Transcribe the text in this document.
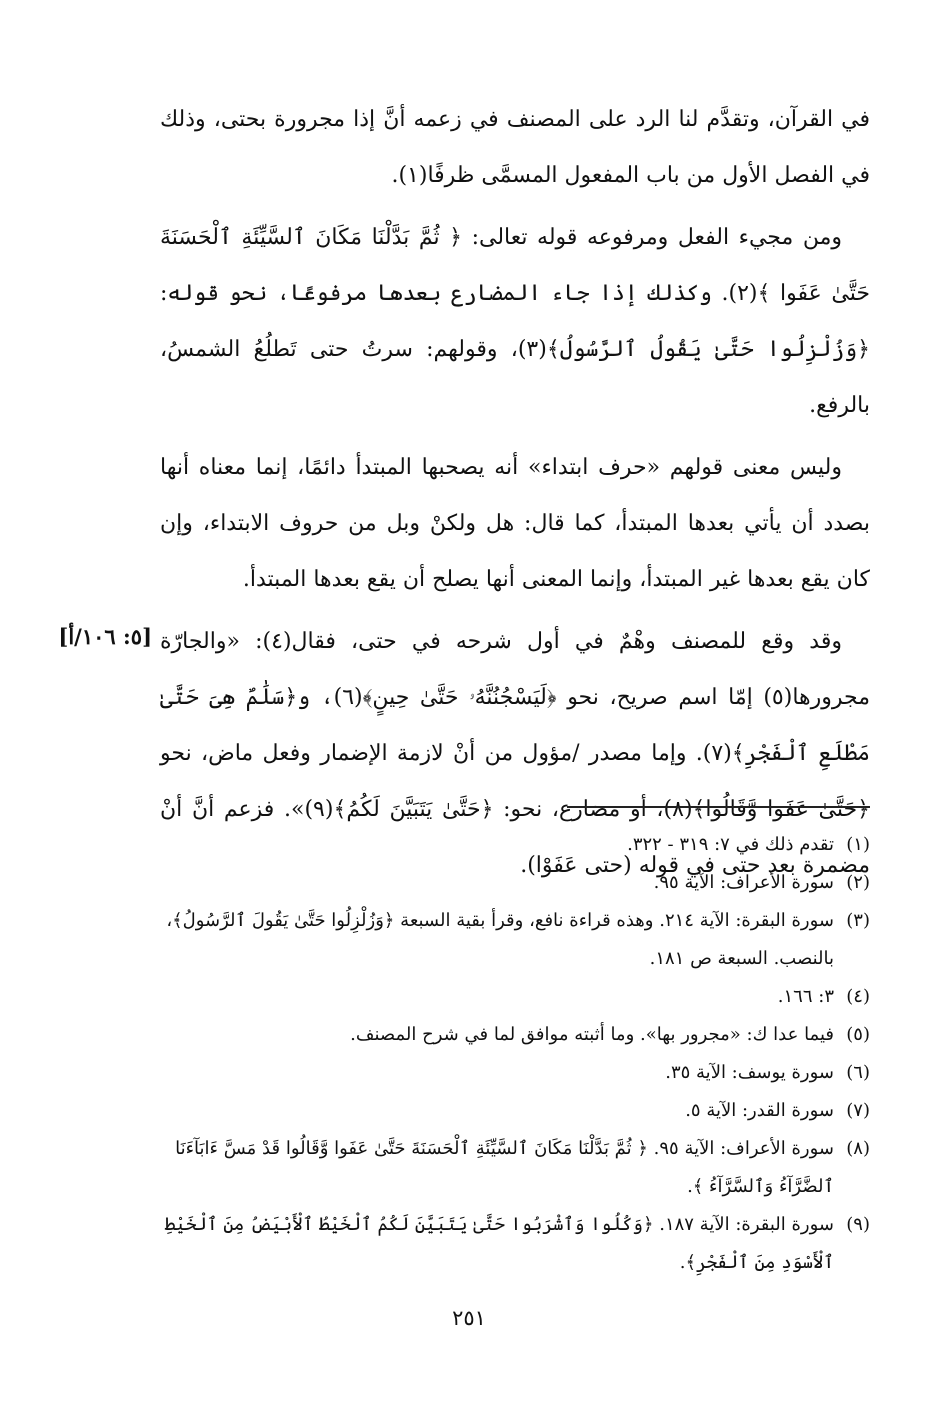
في القرآن، وتقدَّم لنا الرد على المصنف في زعمه أنَّ إذا مجرورة بحتى، وذلك في الفصل الأول من باب المفعول المسمَّى ظرفًا(١).

ومن مجيء الفعل ومرفوعه قوله تعالى: ﴿ ثُمَّ بَدَّلْنَا مَكَانَ ٱلسَّيِّئَةِ ٱلْحَسَنَةَ حَتَّىٰ عَفَوا ﴾(٢). وكذلك إذا جاء المضارع بعدها مرفوعًا، نحو قوله: ﴿وَزُلْزِلُوا حَتَّىٰ يَقُولُ ٱلرَّسُولُ﴾(٣)، وقولهم: سرتُ حتى تَطلُعُ الشمسُ، بالرفع.

وليس معنى قولهم «حرف ابتداء» أنه يصحبها المبتدأ دائمًا، إنما معناه أنها بصدد أن يأتي بعدها المبتدأ، كما قال: هل ولكنْ وبل من حروف الابتداء، وإن كان يقع بعدها غير المبتدأ، وإنما المعنى أنها يصلح أن يقع بعدها المبتدأ.

وقد وقع للمصنف وهْمٌ في أول شرحه في حتى، فقال(٤): «والجارّة مجرورها(٥) إمّا اسم صريح، نحو ﴿لَيَسْجُنُنَّهُۥ حَتَّىٰ حِينٍ﴾(٦)، و﴿سَلَٰمٌ هِىَ حَتَّىٰ مَطْلَعِ ٱلْفَجْرِ﴾(٧). وإما مصدر /مؤول من أنْ لازمة الإضمار وفعل ماض، نحو ﴿حَتَّىٰ عَفَوا وَّقَالُوا﴾(٨)، أو مضارع، نحو: ﴿حَتَّىٰ يَتَبَيَّنَ لَكُمُ﴾(٩)». فزعم أنَّ أنْ مضمرة بعد حتى في قوله (حتى عَفَوْا).

[٥: ١٠٦/أ]
(١)
تقدم ذلك في ٧: ٣١٩ - ٣٢٢.
(٢)
سورة الأعراف: الآية ٩٥.
(٣)
سورة البقرة: الآية ٢١٤. وهذه قراءة نافع، وقرأ بقية السبعة ﴿وَزُلْزِلُوا حَتَّىٰ يَقُولَ ٱلرَّسُولُ﴾، بالنصب. السبعة ص ١٨١.
(٤)
٣: ١٦٦.
(٥)
فيما عدا ك: «مجرور بها». وما أثبته موافق لما في شرح المصنف.
(٦)
سورة يوسف: الآية ٣٥.
(٧)
سورة القدر: الآية ٥.
(٨)
سورة الأعراف: الآية ٩٥. ﴿ ثُمَّ بَدَّلْنَا مَكَانَ ٱلسَّيِّئَةِ ٱلْحَسَنَةَ حَتَّىٰ عَفَوا وَّقَالُوا قَدْ مَسَّ ءَابَآءَنَا ٱلضَّرَّآءُ وَٱلسَّرَّآءُ ﴾.
(٩)
سورة البقرة: الآية ١٨٧. ﴿وَكُلُوا وَٱشْرَبُوا حَتَّىٰ يَتَبَيَّنَ لَكُمُ ٱلْخَيْطُ ٱلْأَبْيَضُ مِنَ ٱلْخَيْطِ ٱلْأَسْوَدِ مِنَ ٱلْفَجْرِ﴾.
٢٥١
